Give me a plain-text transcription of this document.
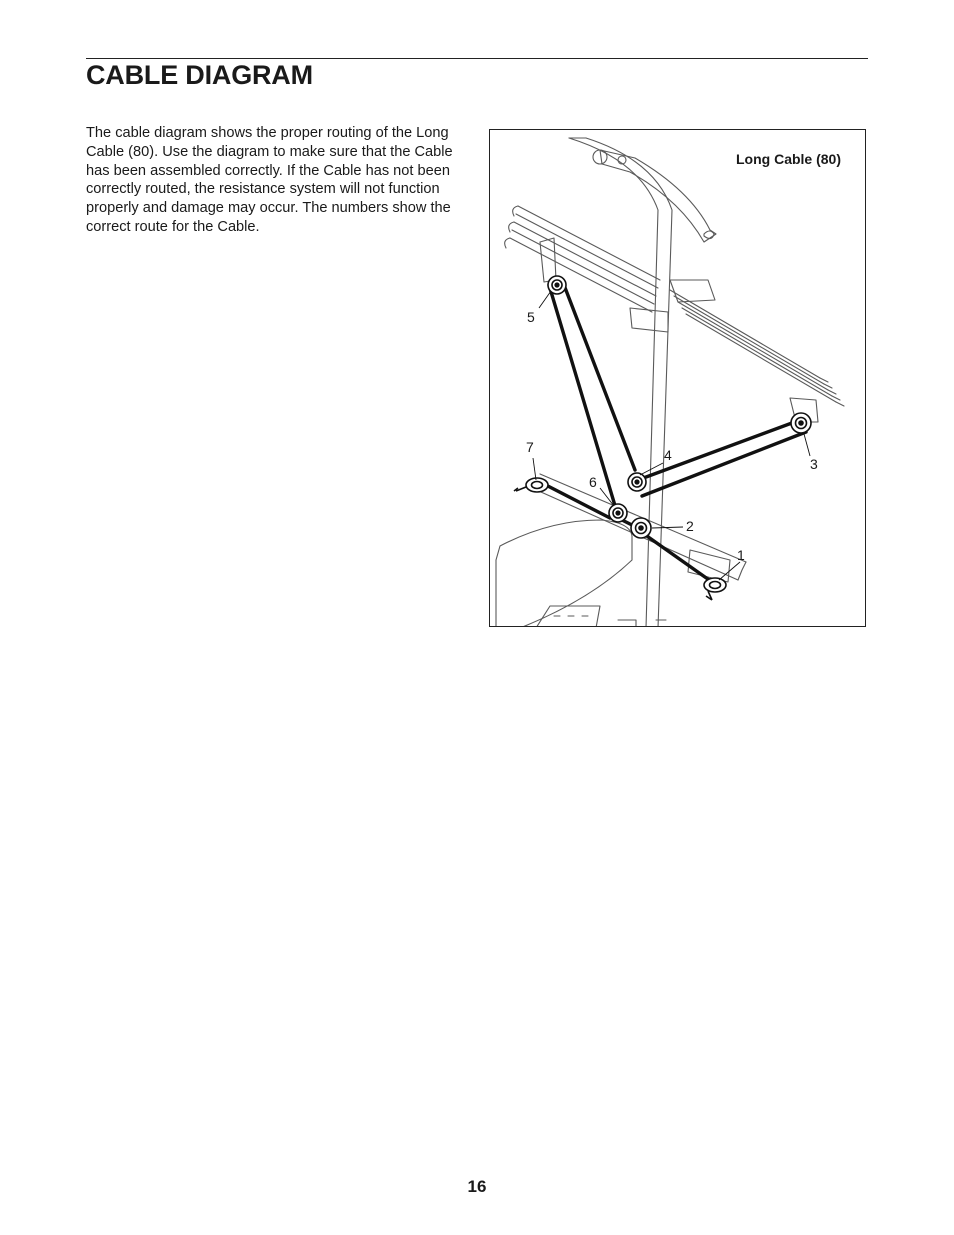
CABLE DIAGRAM

The cable diagram shows the proper routing of the Long Cable (80). Use the diagram to make sure that the Cable has been assembled correctly. If the Cable has not been correctly routed, the resistance system will not function properly and damage may occur. The numbers show the correct route for the Cable.

Long Cable (80)
1
2
3
4
5
6
7
16
